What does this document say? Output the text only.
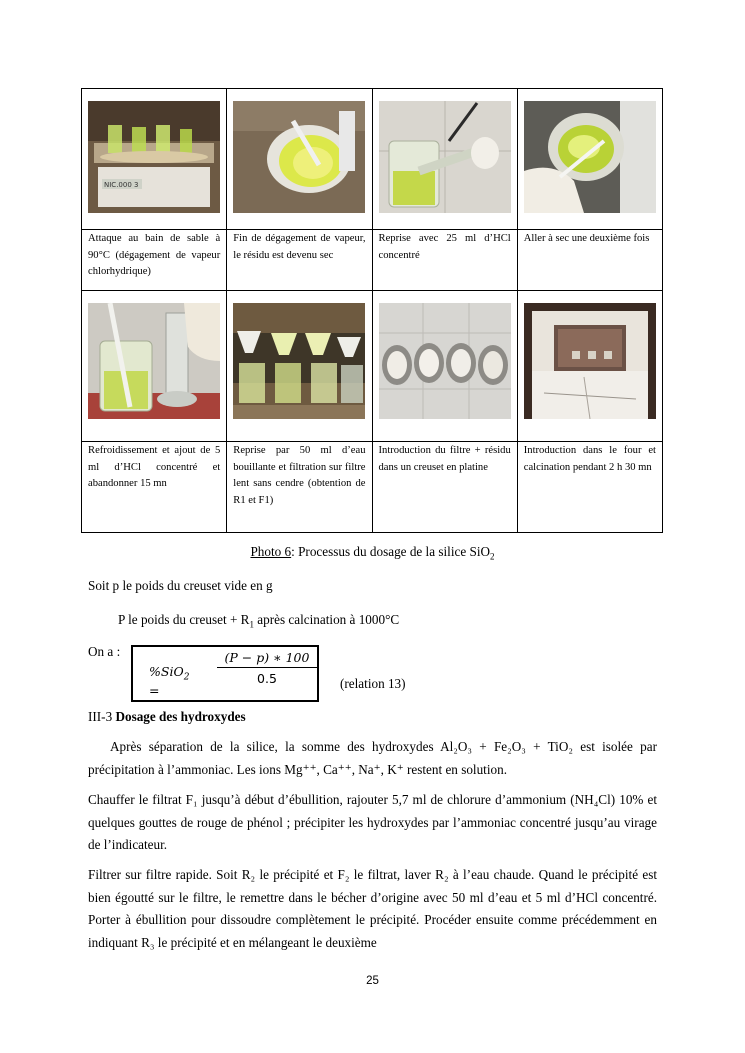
NIC.000 3

Attaque au bain de sable à 90°C (dégagement de vapeur chlorhydrique)	Fin de dégagement de vapeur, le résidu est devenu sec	Reprise avec 25 ml d’HCl concentré	Aller à sec une deuxième fois

Refroidissement et ajout de 5 ml d’HCl concentré et abandonner 15 mn	Reprise par 50 ml d’eau bouillante et filtration sur filtre lent sans cendre (obtention de R1 et F1)	Introduction du filtre + résidu dans un creuset en platine	Introduction dans le four et calcination pendant 2 h 30 mn
Photo 6: Processus du dosage de la silice SiO$_2$

Soit p le poids du creuset vide en g

P le poids du creuset + $R_1$ après calcination à 1000°C

On a :

%SiO$_2$ =
$\frac{(P - p) ∗ 100}{0.5}$ (relation 13)

III-3 Dosage des hydroxydes

Après séparation de la silice, la somme des hydroxydes Al₂O₃ + Fe₂O₃ + TiO₂ est isolée par précipitation à l’ammoniac. Les ions Mg⁺⁺, Ca⁺⁺, Na⁺, K⁺ restent en solution.

Chauffer le filtrat F₁ jusqu’à début d’ébullition, rajouter 5,7 ml de chlorure d’ammonium (NH₄Cl) 10% et quelques gouttes de rouge de phénol ; précipiter les hydroxydes par l’ammoniac concentré jusqu’au virage de l’indicateur.

Filtrer sur filtre rapide. Soit R₂ le précipité et F₂ le filtrat, laver R₂ à l’eau chaude. Quand le précipité est bien égoutté sur le filtre, le remettre dans le bécher d’origine avec 50 ml d’eau et 5 ml d’HCl concentré. Porter à ébullition pour dissoudre complètement le précipité. Procéder ensuite comme précédemment en indiquant R₃ le précipité et en mélangeant le deuxième

25
